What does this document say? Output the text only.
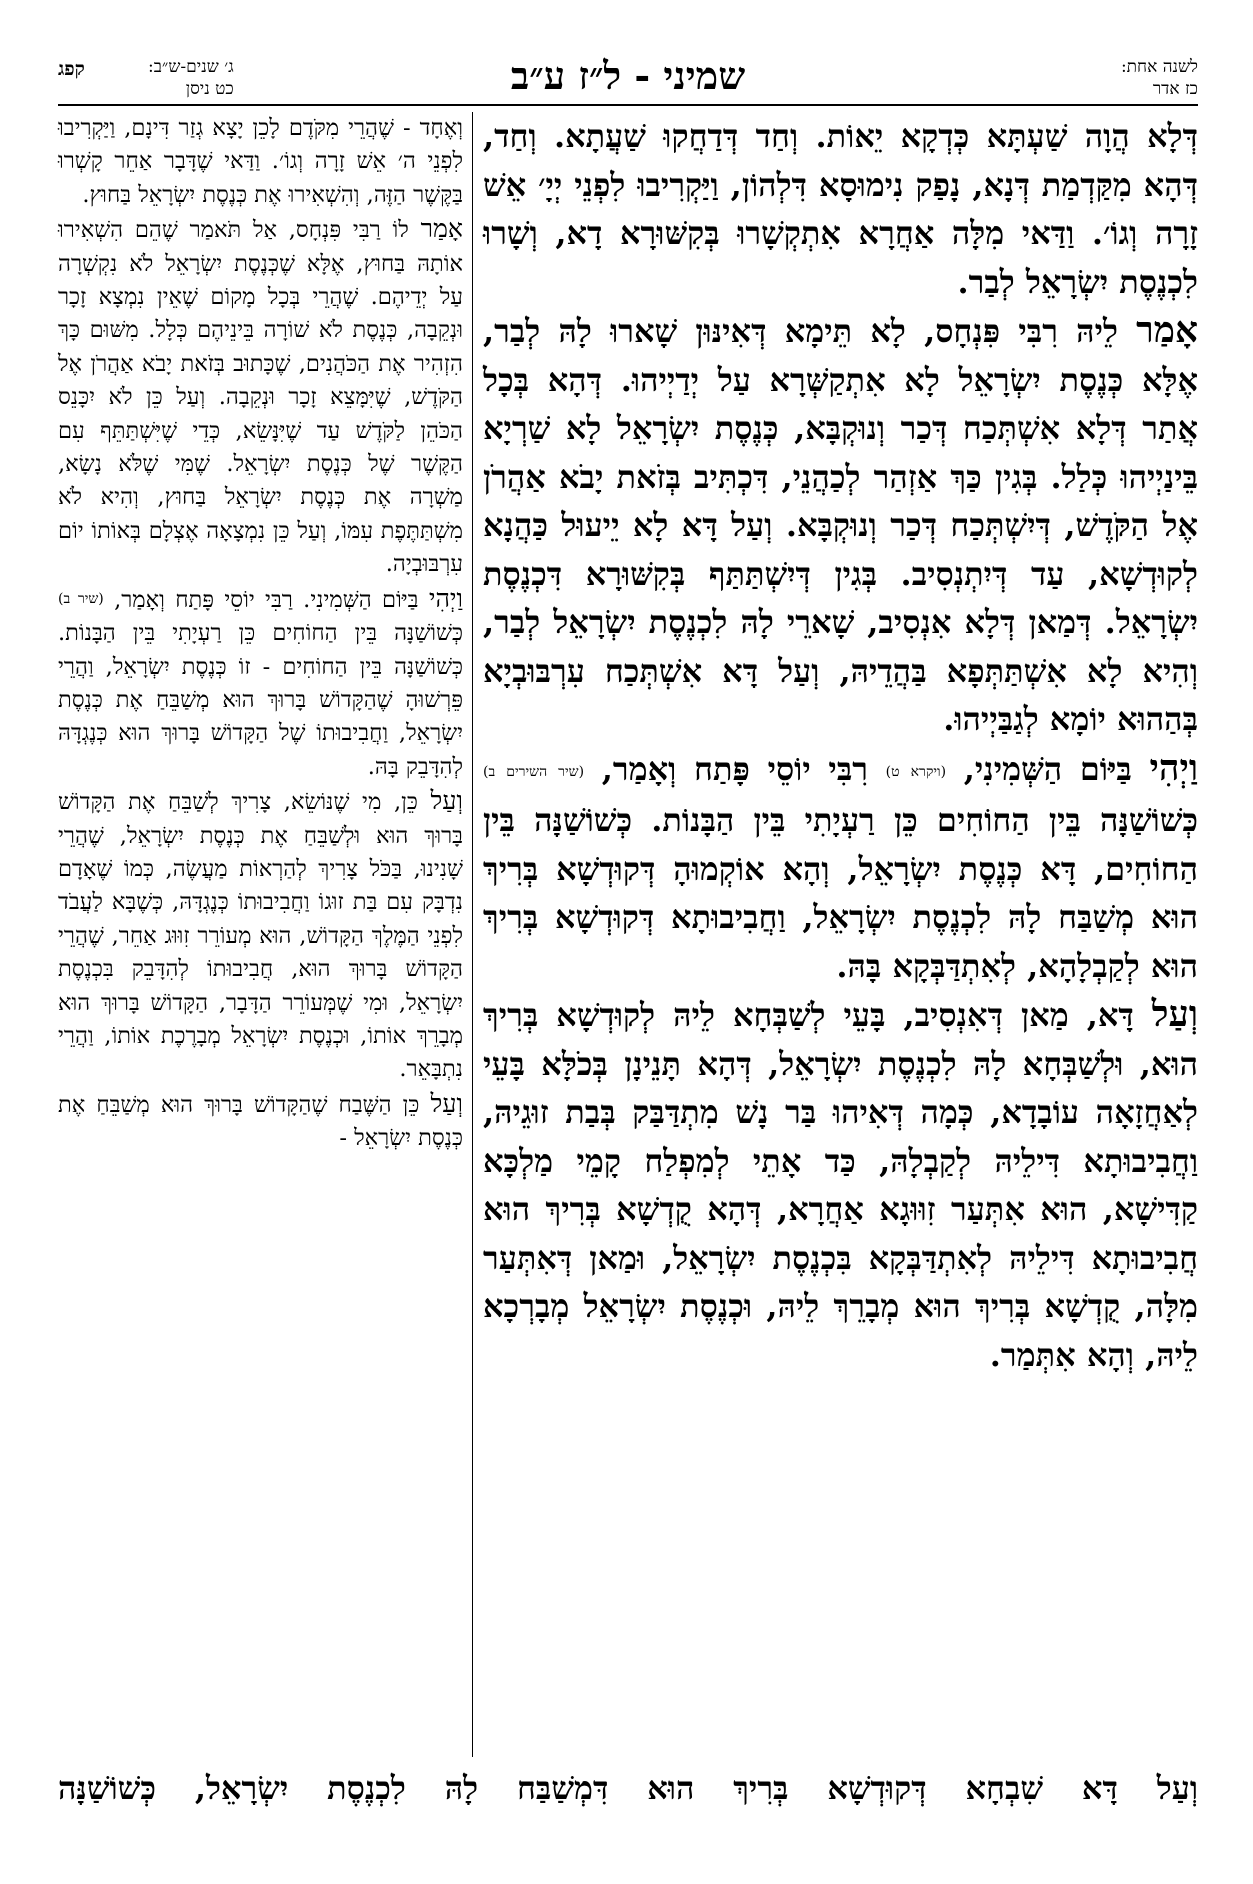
לשנה אחת:
כז אדר
שמיני - ל״ז ע״ב
ג׳ שנים-ש״ב:
כט ניסן
קפג

דְּלָא הֲוָה שַׁעְתָּא כְּדְקָא יֵאוֹת. וְחַד דְּדַחֲקוּ שַׁעֲתָא. וְחַד, דְּהָא מִקַּדְמַת דְּנָא, נָפַק נִימוּסָא דִּלְהוֹן, וַיַּקְרִיבוּ לִפְנֵי יְיָ׳ אֵשׁ זָרָה וְגוֹ׳. וַדַּאי מִלָּה אַחֲרָא אִתְקְשָׁרוּ בְּקִשּׁוּרָא דָא, וְשָׁרוּ לִכְנֶסֶת יִשְׂרָאֵל לְבַר.

אָמַר לֵיהּ רִבִּי פִּנְחָס, לָא תֵּימָא דְּאִינּוּן שָׁארוּ לָהּ לְבַר, אֶלָּא כְּנֶסֶת יִשְׂרָאֵל לָא אִתְקַשְּׁרָא עַל יְדַיְיהוּ. דְּהָא בְּכָל אֲתַר דְּלָא אִשְׁתְּכַח דְּכַר וְנוּקְבָּא, כְּנֶסֶת יִשְׂרָאֵל לָא שַׁרְיָא בֵּינַיְיהוּ כְּלַל. בְּגִין כַּךְ אַזְהַר לְכַהֲנֵי, דִּכְתִּיב בְּזֹאת יָבֹא אַהֲרֹן אֶל הַקֹּדֶשׁ, דְּיִשְׁתְּכַח דְּכַר וְנוּקְבָּא. וְעַל דָּא לָא יֵיעוּל כַּהֲנָא לְקוּדְשָׁא, עַד דְּיִתְנְסִיב. בְּגִין דְּיִשְׁתַּתַּף בְּקִשּׁוּרָא דִּכְנֶסֶת יִשְׂרָאֵל. דְּמַאן דְּלָא אִנְסִיב, שָׁארֵי לָהּ לִכְנֶסֶת יִשְׂרָאֵל לְבַר, וְהִיא לָא אִשְׁתַּתְּפָא בַּהֲדֵיהּ, וְעַל דָּא אִשְׁתְּכַח עִרְבּוּבְיָא בְּהַהוּא יוֹמָא לְגַבַּיְיהוּ.

וַיְהִי בַּיּוֹם הַשְּׁמִינִי, (ויקרא ט) רִבִּי יוֹסֵי פָּתַח וְאָמַר, (שיר השירים ב) כְּשׁוֹשַׁנָּה בֵּין הַחוֹחִים כֵּן רַעְיָתִי בֵּין הַבָּנוֹת. כְּשׁוֹשַׁנָּה בֵּין הַחוֹחִים, דָּא כְּנֶסֶת יִשְׂרָאֵל, וְהָא אוֹקְמוּהָ דְּקוּדְשָׁא בְּרִיךְ הוּא מְשַׁבַּח לָהּ לִכְנֶסֶת יִשְׂרָאֵל, וַחֲבִיבוּתָא דְּקוּדְשָׁא בְּרִיךְ הוּא לְקַבְלָהָא, לְאִתְדַּבְּקָא בָּהּ.

וְעַל דָּא, מַאן דְּאִנְסִיב, בָּעֵי לְשַׁבְּחָא לֵיהּ לְקוּדְשָׁא בְּרִיךְ הוּא, וּלְשַׁבְּחָא לָהּ לִכְנֶסֶת יִשְׂרָאֵל, דְּהָא תָּנֵינָן בְּכֹלָּא בָּעֵי לְאַחֲזָאָה עוֹבָדָא, כְּמָה דְּאִיהוּ בַּר נָשׁ מִתְדַּבַּק בְּבַת זוּגֵיהּ, וַחֲבִיבוּתָא דִּילֵיהּ לְקַבְלָהּ, כַּד אָתֵי לְמִפְלַח קָמֵי מַלְכָּא קַדִּישָׁא, הוּא אִתְּעַר זִוּוּגָא אַחֲרָא, דְּהָא קֻדְשָׁא בְּרִיךְ הוּא חֲבִיבוּתָא דִּילֵיהּ לְאִתְדַּבְּקָא בִּכְנֶסֶת יִשְׂרָאֵל, וּמַאן דְּאִתְּעַר מִלָּה, קֻדְשָׁא בְּרִיךְ הוּא מְבָרֵךְ לֵיהּ, וּכְנֶסֶת יִשְׂרָאֵל מְבָרְכָא לֵיהּ, וְהָא אִתְּמַר.

וְאֶחָד - שֶׁהֲרֵי מִקֹּדֶם לָכֵן יָצָא גְזַר דִּינָם, וַיַּקְרִיבוּ לִפְנֵי ה׳ אֵשׁ זָרָה וְגוֹ׳. וַדַּאי שֶׁדָּבָר אַחֵר קָשְׁרוּ בַּקֶּשֶׁר הַזֶּה, וְהִשְׁאִירוּ אֶת כְּנֶסֶת יִשְׂרָאֵל בַּחוּץ.

אָמַר לוֹ רַבִּי פִּנְחָס, אַל תֹּאמַר שֶׁהֵם הִשְׁאִירוּ אוֹתָהּ בַּחוּץ, אֶלָּא שֶׁכְּנֶסֶת יִשְׂרָאֵל לֹא נִקְשְׁרָה עַל יְדֵיהֶם. שֶׁהֲרֵי בְּכָל מָקוֹם שֶׁאֵין נִמְצָא זָכָר וּנְקֵבָה, כְּנֶסֶת לֹא שׁוֹרָה בֵּינֵיהֶם כְּלָל. מִשּׁוּם כָּךְ הִזְהִיר אֶת הַכֹּהֲנִים, שֶׁכָּתוּב בְּזֹאת יָבֹא אַהֲרֹן אֶל הַקֹּדֶשׁ, שֶׁיִּמָּצֵא זָכָר וּנְקֵבָה. וְעַל כֵּן לֹא יִכָּנֵס הַכֹּהֵן לַקֹּדֶשׁ עַד שֶׁיִּנָּשֵׂא, כְּדֵי שֶׁיִּשְׁתַּתֵּף עִם הַקֶּשֶׁר שֶׁל כְּנֶסֶת יִשְׂרָאֵל. שֶׁמִּי שֶׁלֹּא נָשָׂא, מַשְׁרָה אֶת כְּנֶסֶת יִשְׂרָאֵל בַּחוּץ, וְהִיא לֹא מִשְׁתַּתֶּפֶת עִמּוֹ, וְעַל כֵּן נִמְצָאָה אֶצְלָם בְּאוֹתוֹ יוֹם עִרְבּוּבְיָה.

וַיְהִי בַּיּוֹם הַשְּׁמִינִי. רַבִּי יוֹסֵי פָּתַח וְאָמַר, (שיר ב) כְּשׁוֹשַׁנָּה בֵּין הַחוֹחִים כֵּן רַעְיָתִי בֵּין הַבָּנוֹת. כְּשׁוֹשַׁנָּה בֵּין הַחוֹחִים - זוֹ כְּנֶסֶת יִשְׂרָאֵל, וַהֲרֵי פֵּרְשׁוּהָ שֶׁהַקָּדוֹשׁ בָּרוּךְ הוּא מְשַׁבֵּחַ אֶת כְּנֶסֶת יִשְׂרָאֵל, וַחֲבִיבוּתוֹ שֶׁל הַקָּדוֹשׁ בָּרוּךְ הוּא כְּנֶגְדָּהּ לְהִדָּבֵק בָּהּ.

וְעַל כֵּן, מִי שֶׁנּוֹשֵׂא, צָרִיךְ לְשַׁבֵּחַ אֶת הַקָּדוֹשׁ בָּרוּךְ הוּא וּלְשַׁבֵּחַ אֶת כְּנֶסֶת יִשְׂרָאֵל, שֶׁהֲרֵי שָׁנִינוּ, בַּכֹּל צָרִיךְ לְהַרְאוֹת מַעֲשֶׂה, כְּמוֹ שֶׁאָדָם נִדְבָּק עִם בַּת זוּגוֹ וַחֲבִיבוּתוֹ כְּנֶגְדָּהּ, כְּשֶׁבָּא לַעֲבֹד לִפְנֵי הַמֶּלֶךְ הַקָּדוֹשׁ, הוּא מְעוֹרֵר זִוּוּג אַחֵר, שֶׁהֲרֵי הַקָּדוֹשׁ בָּרוּךְ הוּא, חֲבִיבוּתוֹ לְהִדָּבֵק בִּכְנֶסֶת יִשְׂרָאֵל, וּמִי שֶׁמְּעוֹרֵר הַדָּבָר, הַקָּדוֹשׁ בָּרוּךְ הוּא מְבָרֵךְ אוֹתוֹ, וּכְנֶסֶת יִשְׂרָאֵל מְבָרֶכֶת אוֹתוֹ, וַהֲרֵי נִתְבָּאֵר.

וְעַל כֵּן הַשֶּׁבַח שֶׁהַקָּדוֹשׁ בָּרוּךְ הוּא מְשַׁבֵּחַ אֶת כְּנֶסֶת יִשְׂרָאֵל -

וְעַל דָּא שִׁבְחָא דְּקוּדְשָׁא בְּרִיךְ הוּא דִּמְשַׁבַּח לָהּ לִכְנֶסֶת יִשְׂרָאֵל, כְּשׁוֹשַׁנָּה
